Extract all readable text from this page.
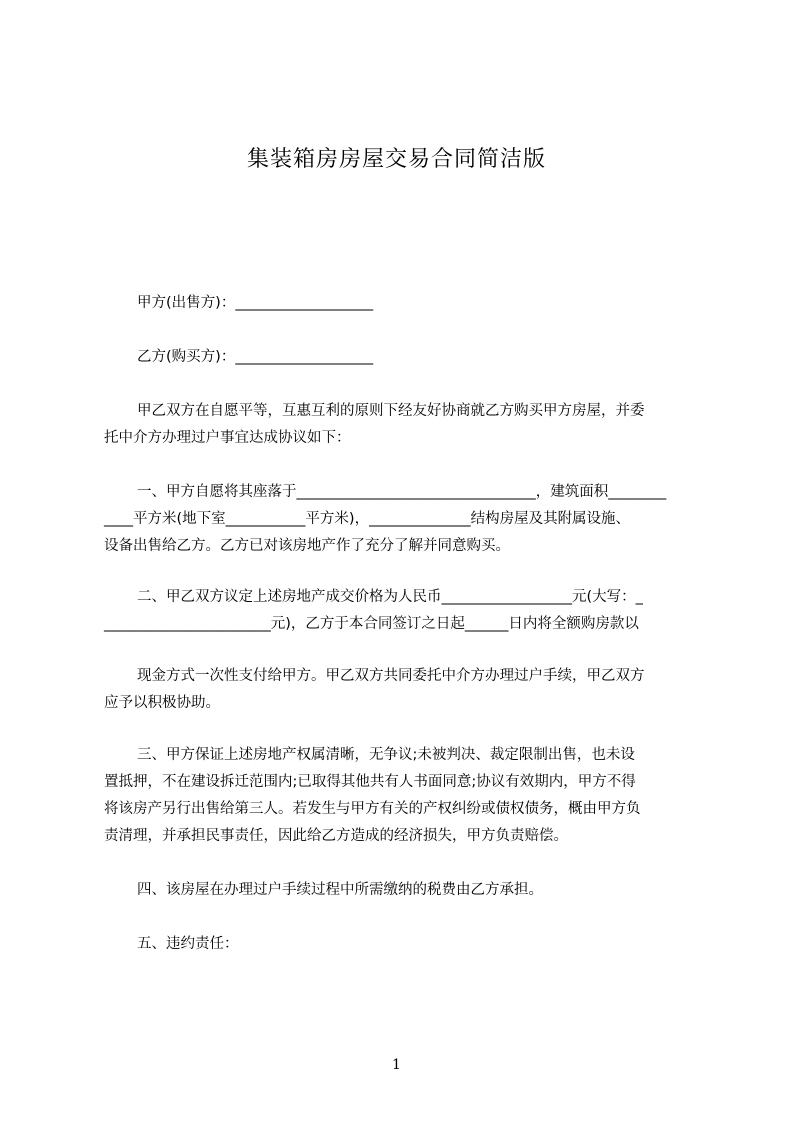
集装箱房房屋交易合同简洁版
甲方(出售方)：___________________
乙方(购买方)：___________________
甲乙双方在自愿平等，互惠互利的原则下经友好协商就乙方购买甲方房屋，并委
托中介方办理过户事宜达成协议如下：
一、甲方自愿将其座落于_________________________________，建筑面积________
____平方米(地下室___________平方米)，______________结构房屋及其附属设施、
设备出售给乙方。乙方已对该房地产作了充分了解并同意购买。
二、甲乙双方议定上述房地产成交价格为人民币__________________元(大写：_
_______________________元)，乙方于本合同签订之日起______日内将全额购房款以
现金方式一次性支付给甲方。甲乙双方共同委托中介方办理过户手续，甲乙双方
应予以积极协助。
三、甲方保证上述房地产权属清晰，无争议;未被判决、裁定限制出售，也未设
置抵押，不在建设拆迁范围内;已取得其他共有人书面同意;协议有效期内，甲方不得
将该房产另行出售给第三人。若发生与甲方有关的产权纠纷或债权债务，概由甲方负
责清理，并承担民事责任，因此给乙方造成的经济损失，甲方负责赔偿。
四、该房屋在办理过户手续过程中所需缴纳的税费由乙方承担。
五、违约责任：
1
